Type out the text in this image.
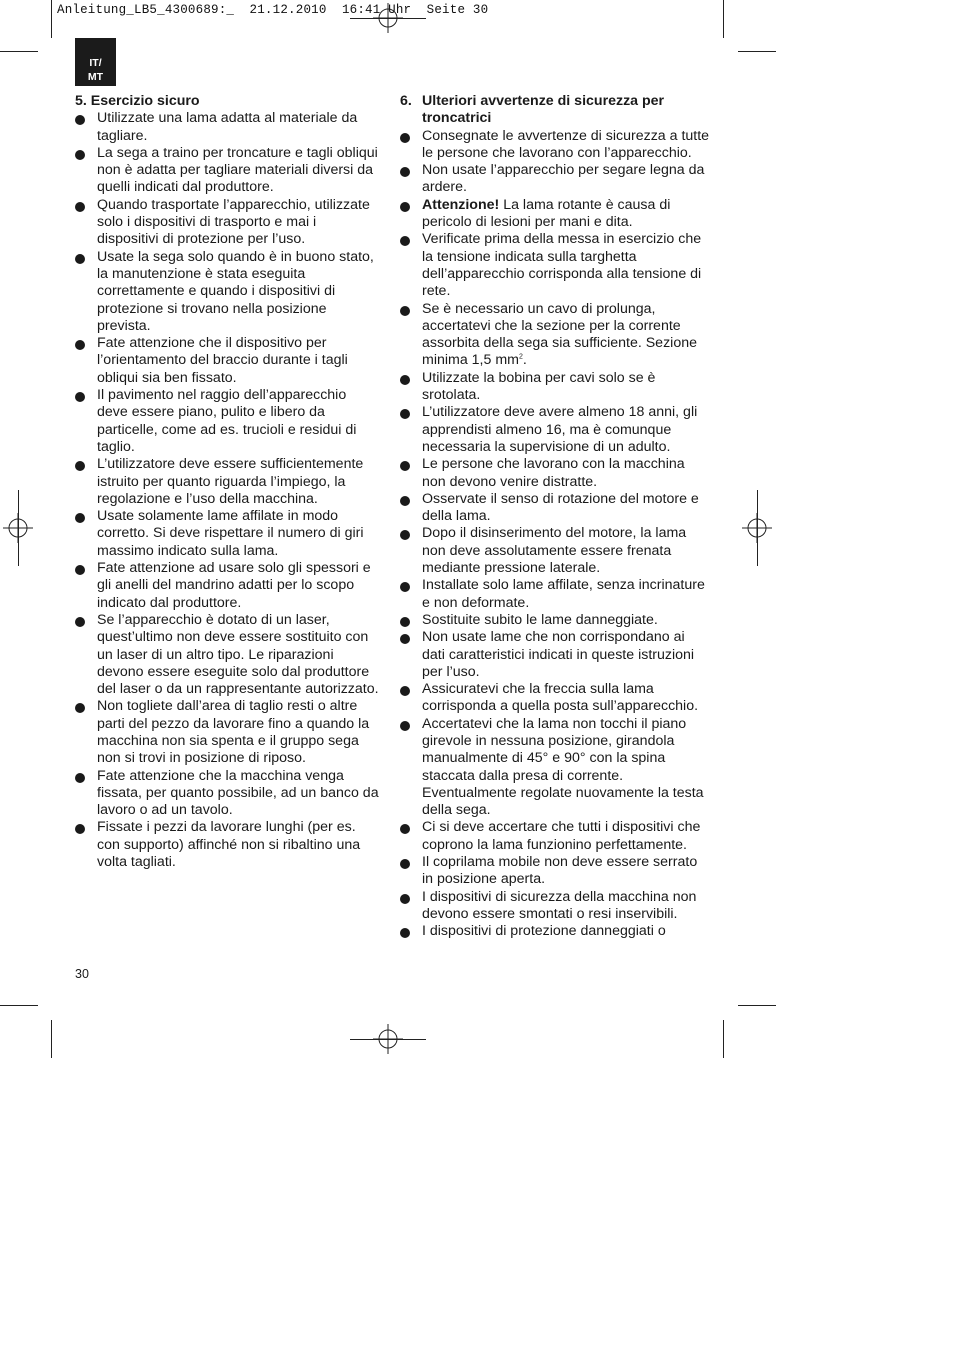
Anleitung_LB5_4300689:_  21.12.2010  16:41 Uhr  Seite 30
IT/
MT
5. Esercizio sicuro
Utilizzate una lama adatta al materiale da tagliare.
La sega a traino per troncature e tagli obliqui non è adatta per tagliare materiali diversi da quelli indicati dal produttore.
Quando trasportate l’apparecchio, utilizzate solo i dispositivi di trasporto e mai i dispositivi di protezione per l’uso.
Usate la sega solo quando è in buono stato, la manutenzione è stata eseguita correttamente e quando i dispositivi di protezione si trovano nella posizione prevista.
Fate attenzione che il dispositivo per l’orientamento del braccio durante i tagli obliqui sia ben fissato.
Il pavimento nel raggio dell’apparecchio deve essere piano, pulito e libero da particelle, come ad es. trucioli e residui di taglio.
L’utilizzatore deve essere sufficientemente istruito per quanto riguarda l’impiego, la regolazione e l’uso della macchina.
Usate solamente lame affilate in modo corretto. Si deve rispettare il numero di giri massimo indicato sulla lama.
Fate attenzione ad usare solo gli spessori e gli anelli del mandrino adatti per lo scopo indicato dal produttore.
Se l’apparecchio è dotato di un laser, quest’ultimo non deve essere sostituito con un laser di un altro tipo. Le riparazioni devono essere eseguite solo dal produttore del laser o da un rappresentante autorizzato.
Non togliete dall’area di taglio resti o altre parti del pezzo da lavorare fino a quando la macchina non sia spenta e il gruppo sega non si trovi in posizione di riposo.
Fate attenzione che la macchina venga fissata, per quanto possibile, ad un banco da lavoro o ad un tavolo.
Fissate i pezzi da lavorare lunghi (per es. con supporto) affinché non si ribaltino una volta tagliati.
6. Ulteriori avvertenze di sicurezza per troncatrici
Consegnate le avvertenze di sicurezza a tutte le persone che lavorano con l’apparecchio.
Non usate l’apparecchio per segare legna da ardere.
Attenzione! La lama rotante è causa di pericolo di lesioni per mani e dita.
Verificate prima della messa in esercizio che la tensione indicata sulla targhetta dell’apparecchio corrisponda alla tensione di rete.
Se è necessario un cavo di prolunga, accertatevi che la sezione per la corrente assorbita della sega sia sufficiente. Sezione minima 1,5 $mm^2$.
Utilizzate la bobina per cavi solo se è srotolata.
L’utilizzatore deve avere almeno 18 anni, gli apprendisti almeno 16, ma è comunque necessaria la supervisione di un adulto.
Le persone che lavorano con la macchina non devono venire distratte.
Osservate il senso di rotazione del motore e della lama.
Dopo il disinserimento del motore, la lama non deve assolutamente essere frenata mediante pressione laterale.
Installate solo lame affilate, senza incrinature e non deformate.
Sostituite subito le lame danneggiate.
Non usate lame che non corrispondano ai dati caratteristici indicati in queste istruzioni per l’uso.
Assicuratevi che la freccia sulla lama corrisponda a quella posta sull’apparecchio.
Accertatevi che la lama non tocchi il piano girevole in nessuna posizione, girandola manualmente di 45° e 90° con la spina staccata dalla presa di corrente. Eventualmente regolate nuovamente la testa della sega.
Ci si deve accertare che tutti i dispositivi che coprono la lama funzionino perfettamente.
Il coprilama mobile non deve essere serrato in posizione aperta.
I dispositivi di sicurezza della macchina non devono essere smontati o resi inservibili.
I dispositivi di protezione danneggiati o
30
